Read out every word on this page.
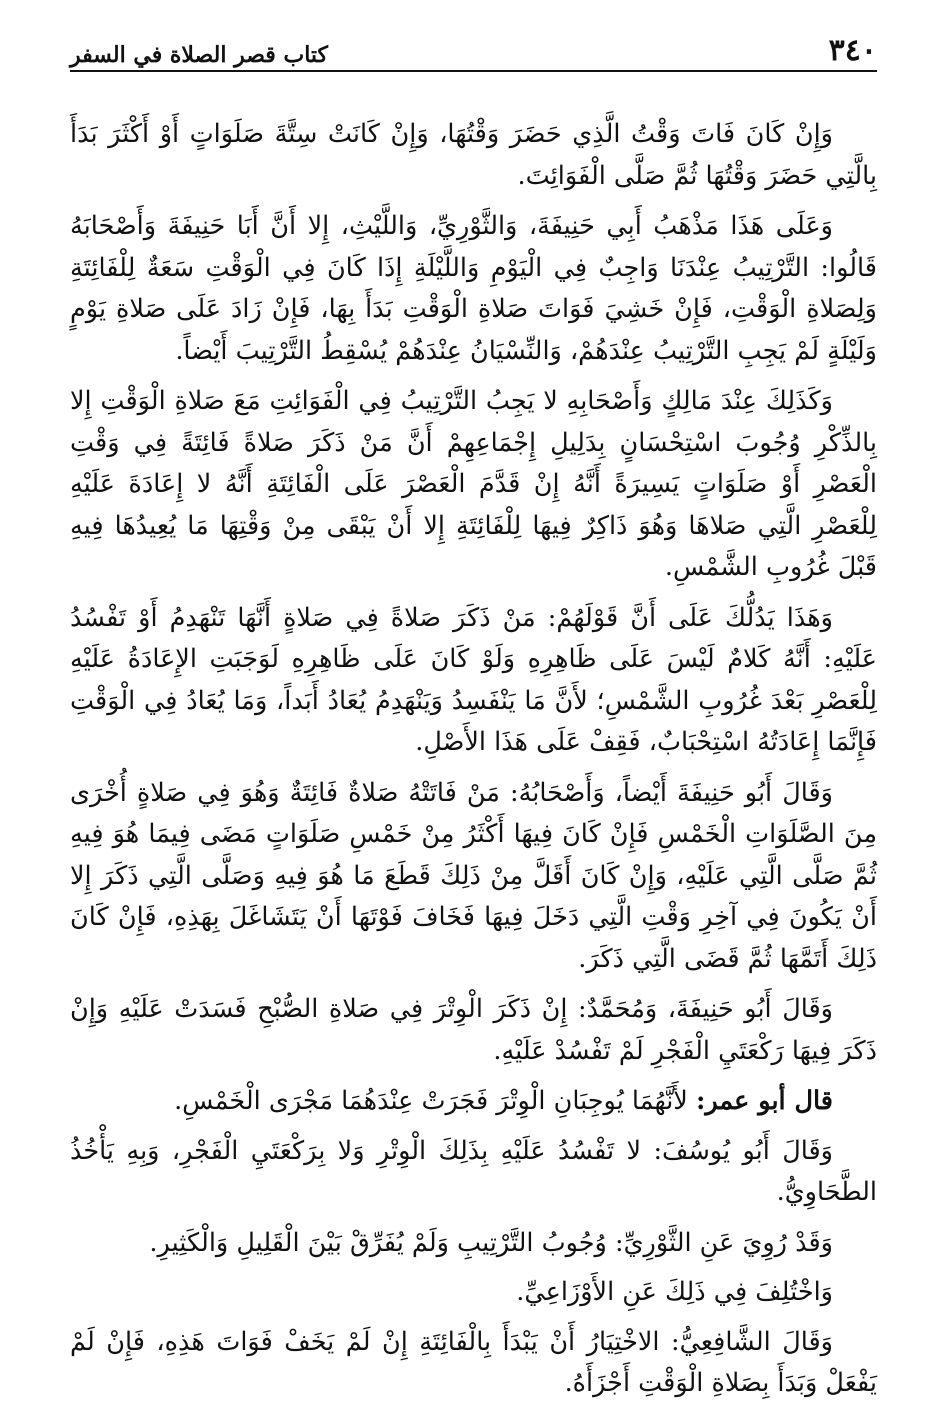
٣٤٠
كتاب قصر الصلاة في السفر

وَإِنْ كَانَ فَاتَ وَقْتُ الَّذِي حَضَرَ وَقْتُهَا، وَإِنْ كَانَتْ سِتَّةَ صَلَوَاتٍ أَوْ أَكْثَرَ بَدَأَ بِالَّتِي حَضَرَ وَقْتُهَا ثُمَّ صَلَّى الْفَوَائِتَ.

وَعَلَى هَذَا مَذْهَبُ أَبِي حَنِيفَةَ، وَالثَّوْرِيِّ، وَاللَّيْثِ، إِلا أَنَّ أَبَا حَنِيفَةَ وَأَصْحَابَهُ قَالُوا: التَّرْتِيبُ عِنْدَنَا وَاجِبٌ فِي الْيَوْمِ وَاللَّيْلَةِ إِذَا كَانَ فِي الْوَقْتِ سَعَةٌ لِلْفَائِتَةِ وَلِصَلاةِ الْوَقْتِ، فَإِنْ خَشِيَ فَوَاتَ صَلاةِ الْوَقْتِ بَدَأَ بِهَا، فَإِنْ زَادَ عَلَى صَلاةِ يَوْمٍ وَلَيْلَةٍ لَمْ يَجِبِ التَّرْتِيبُ عِنْدَهُمْ، وَالنِّسْيَانُ عِنْدَهُمْ يُسْقِطُ التَّرْتِيبَ أَيْضاً.

وَكَذَلِكَ عِنْدَ مَالِكٍ وَأَصْحَابِهِ لا يَجِبُ التَّرْتِيبُ فِي الْفَوَائِتِ مَعَ صَلاةِ الْوَقْتِ إِلا بِالذِّكْرِ وُجُوبَ اسْتِحْسَانٍ بِدَلِيلِ إِجْمَاعِهِمْ أَنَّ مَنْ ذَكَرَ صَلاةً فَائِتَةً فِي وَقْتِ الْعَصْرِ أَوْ صَلَوَاتٍ يَسِيرَةً أَنَّهُ إِنْ قَدَّمَ الْعَصْرَ عَلَى الْفَائِتَةِ أَنَّهُ لا إِعَادَةَ عَلَيْهِ لِلْعَصْرِ الَّتِي صَلاهَا وَهُوَ ذَاكِرٌ فِيهَا لِلْفَائِتَةِ إِلا أَنْ يَبْقَى مِنْ وَقْتِهَا مَا يُعِيدُهَا فِيهِ قَبْلَ غُرُوبِ الشَّمْسِ.

وَهَذَا يَدُلُّكَ عَلَى أَنَّ قَوْلَهُمْ: مَنْ ذَكَرَ صَلاةً فِي صَلاةٍ أَنَّهَا تَنْهَدِمُ أَوْ تَفْسُدُ عَلَيْهِ: أَنَّهُ كَلامٌ لَيْسَ عَلَى ظَاهِرِهِ وَلَوْ كَانَ عَلَى ظَاهِرِهِ لَوَجَبَتِ الإِعَادَةُ عَلَيْهِ لِلْعَصْرِ بَعْدَ غُرُوبِ الشَّمْسِ؛ لأَنَّ مَا يَنْفَسِدُ وَيَنْهَدِمُ يُعَادُ أَبَداً، وَمَا يُعَادُ فِي الْوَقْتِ فَإِنَّمَا إِعَادَتُهُ اسْتِحْبَابٌ، فَقِفْ عَلَى هَذَا الأَصْلِ.

وَقَالَ أَبُو حَنِيفَةَ أَيْضاً، وَأَصْحَابُهُ: مَنْ فَاتَتْهُ صَلاةٌ فَائِتَةٌ وَهُوَ فِي صَلاةٍ أُخْرَى مِنَ الصَّلَوَاتِ الْخَمْسِ فَإِنْ كَانَ فِيهَا أَكْثَرُ مِنْ خَمْسِ صَلَوَاتٍ مَضَى فِيمَا هُوَ فِيهِ ثُمَّ صَلَّى الَّتِي عَلَيْهِ، وَإِنْ كَانَ أَقَلَّ مِنْ ذَلِكَ قَطَعَ مَا هُوَ فِيهِ وَصَلَّى الَّتِي ذَكَرَ إِلا أَنْ يَكُونَ فِي آخِرِ وَقْتِ الَّتِي دَخَلَ فِيهَا فَخَافَ فَوْتَهَا أَنْ يَتَشَاغَلَ بِهَذِهِ، فَإِنْ كَانَ ذَلِكَ أَتَمَّهَا ثُمَّ قَضَى الَّتِي ذَكَرَ.

وَقَالَ أَبُو حَنِيفَةَ، وَمُحَمَّدٌ: إِنْ ذَكَرَ الْوِتْرَ فِي صَلاةِ الصُّبْحِ فَسَدَتْ عَلَيْهِ وَإِنْ ذَكَرَ فِيهَا رَكْعَتَيِ الْفَجْرِ لَمْ تَفْسُدْ عَلَيْهِ.

قال أبو عمر: لأَنَّهُمَا يُوجِبَانِ الْوِتْرَ فَجَرَتْ عِنْدَهُمَا مَجْرَى الْخَمْسِ.

وَقَالَ أَبُو يُوسُفَ: لا تَفْسُدُ عَلَيْهِ بِذَلِكَ الْوِتْرِ وَلا بِرَكْعَتَيِ الْفَجْرِ، وَبِهِ يَأْخُذُ الطَّحَاوِيُّ.

وَقَدْ رُوِيَ عَنِ الثَّوْرِيِّ: وُجُوبُ التَّرْتِيبِ وَلَمْ يُفَرِّقْ بَيْنَ الْقَلِيلِ وَالْكَثِيرِ.

وَاخْتُلِفَ فِي ذَلِكَ عَنِ الأَوْزَاعِيِّ.

وَقَالَ الشَّافِعِيُّ: الاخْتِيَارُ أَنْ يَبْدَأَ بِالْفَائِتَةِ إِنْ لَمْ يَخَفْ فَوَاتَ هَذِهِ، فَإِنْ لَمْ يَفْعَلْ وَبَدَأَ بِصَلاةِ الْوَقْتِ أَجْزَأَهُ.
